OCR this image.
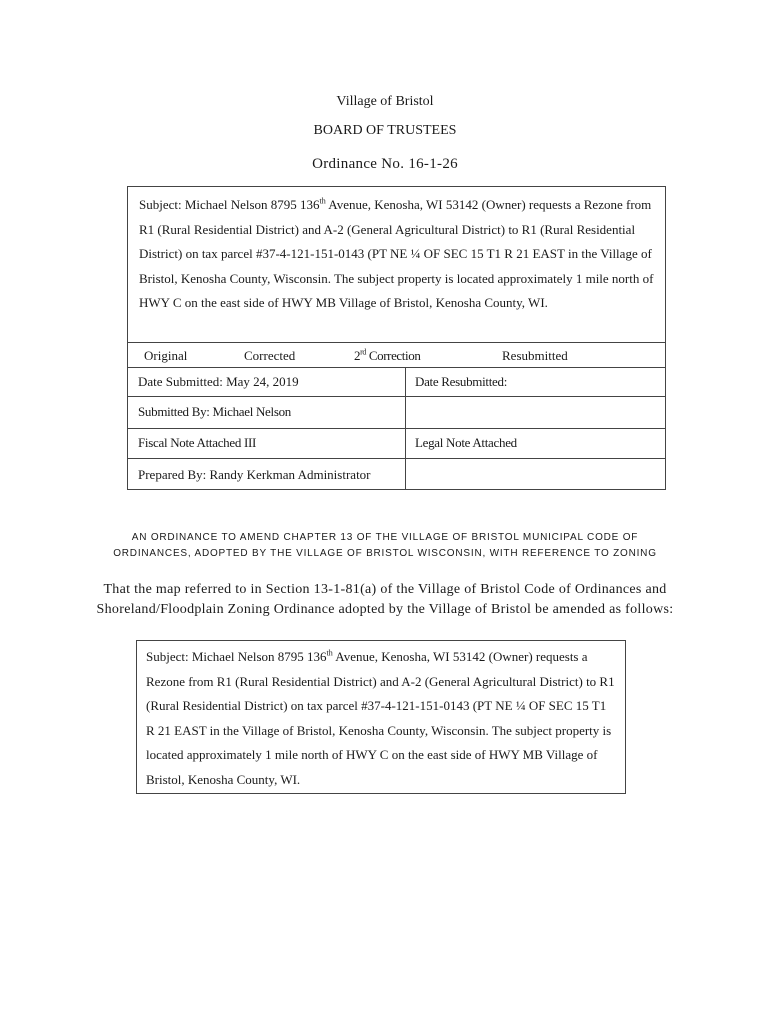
Village of Bristol
BOARD OF TRUSTEES
Ordinance No. 16-1-26
Subject: Michael Nelson 8795 136th Avenue, Kenosha, WI 53142 (Owner) requests a Rezone from R1 (Rural Residential District) and A-2 (General Agricultural District) to R1 (Rural Residential District) on tax parcel #37-4-121-151-0143 (PT NE ¼ OF SEC 15 T1 R 21 EAST in the Village of Bristol, Kenosha County, Wisconsin. The subject property is located approximately 1 mile north of HWY C on the east side of HWY MB Village of Bristol, Kenosha County, WI.
Original	Corrected	2rd Correction	Resubmitted
Date Submitted: May 24, 2019	Date Resubmitted:
Submitted By: Michael Nelson
Fiscal Note Attached III	Legal Note Attached
Prepared By: Randy Kerkman Administrator
AN ORDINANCE TO AMEND CHAPTER 13 OF THE VILLAGE OF BRISTOL MUNICIPAL CODE OF
ORDINANCES, ADOPTED BY THE VILLAGE OF BRISTOL WISCONSIN, WITH REFERENCE TO ZONING
That the map referred to in Section 13-1-81(a) of the Village of Bristol Code of Ordinances and Shoreland/Floodplain Zoning Ordinance adopted by the Village of Bristol be amended as follows:
Subject: Michael Nelson 8795 136th Avenue, Kenosha, WI 53142 (Owner) requests a Rezone from R1 (Rural Residential District) and A-2 (General Agricultural District) to R1 (Rural Residential District) on tax parcel #37-4-121-151-0143 (PT NE ¼ OF SEC 15 T1 R 21 EAST in the Village of Bristol, Kenosha County, Wisconsin. The subject property is located approximately 1 mile north of HWY C on the east side of HWY MB Village of Bristol, Kenosha County, WI.
